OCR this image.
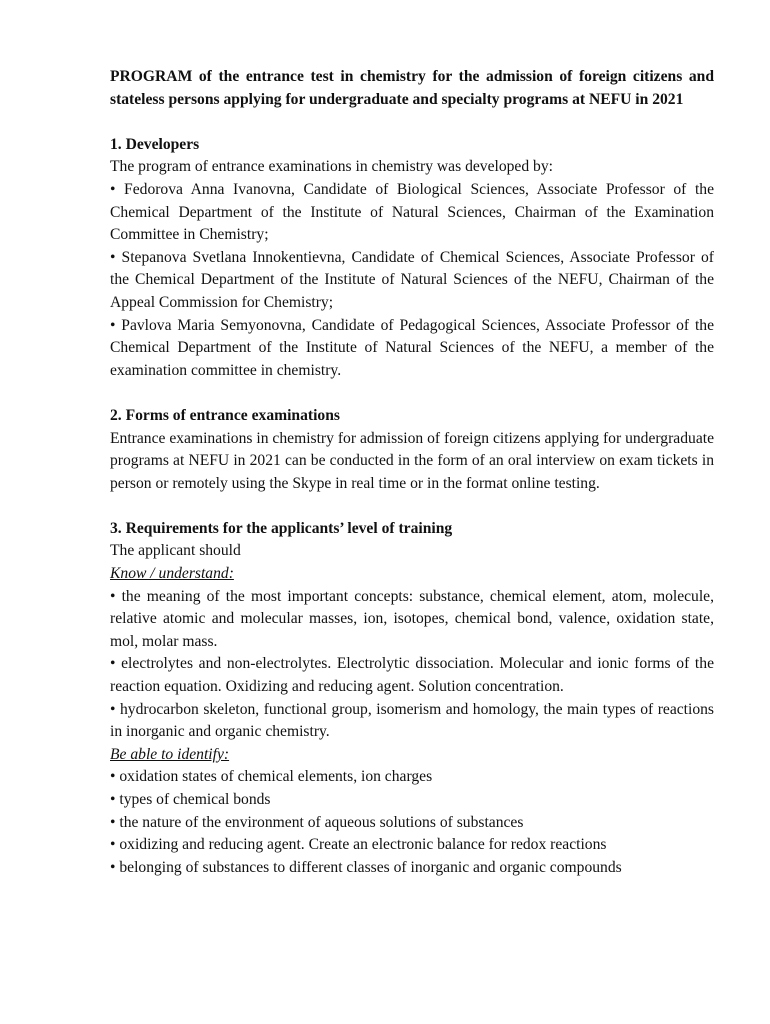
PROGRAM of the entrance test in chemistry for the admission of foreign citizens and stateless persons applying for undergraduate and specialty programs at NEFU in 2021

1. Developers

The program of entrance examinations in chemistry was developed by:

• Fedorova Anna Ivanovna, Candidate of Biological Sciences, Associate Professor of the Chemical Department of the Institute of Natural Sciences, Chairman of the Examination Committee in Chemistry;

• Stepanova Svetlana Innokentievna, Candidate of Chemical Sciences, Associate Professor of the Chemical Department of the Institute of Natural Sciences of the NEFU, Chairman of the Appeal Commission for Chemistry;

• Pavlova Maria Semyonovna, Candidate of Pedagogical Sciences, Associate Professor of the Chemical Department of the Institute of Natural Sciences of the NEFU, a member of the examination committee in chemistry.

2. Forms of entrance examinations

Entrance examinations in chemistry for admission of foreign citizens applying for undergraduate programs at NEFU in 2021 can be conducted in the form of an oral interview on exam tickets in person or remotely using the Skype in real time or in the format online testing.

3. Requirements for the applicants’ level of training

The applicant should

Know / understand:

• the meaning of the most important concepts: substance, chemical element, atom, molecule, relative atomic and molecular masses, ion, isotopes, chemical bond, valence, oxidation state, mol, molar mass.

• electrolytes and non-electrolytes. Electrolytic dissociation. Molecular and ionic forms of the reaction equation. Oxidizing and reducing agent. Solution concentration.

• hydrocarbon skeleton, functional group, isomerism and homology, the main types of reactions in inorganic and organic chemistry.

Be able to identify:

• oxidation states of chemical elements, ion charges

• types of chemical bonds

• the nature of the environment of aqueous solutions of substances

• oxidizing and reducing agent. Create an electronic balance for redox reactions

• belonging of substances to different classes of inorganic and organic compounds
